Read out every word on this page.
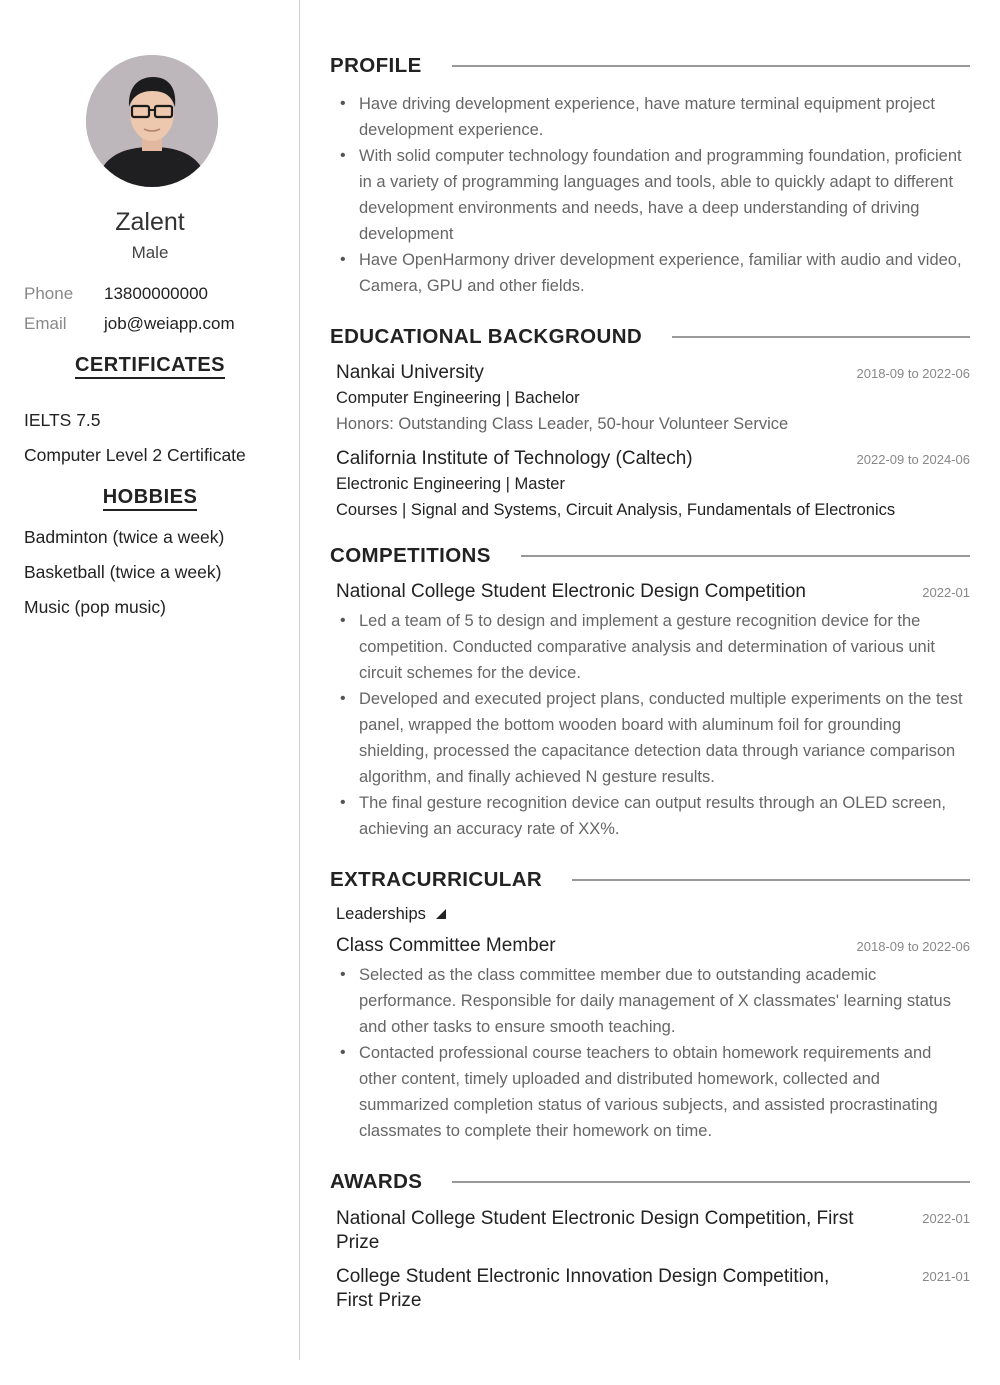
Zalent
Male
Phone 13800000000
Email job@weiapp.com
CERTIFICATES
IELTS 7.5
Computer Level 2 Certificate
HOBBIES
Badminton (twice a week)
Basketball (twice a week)
Music (pop music)
PROFILE
• Have driving development experience, have mature terminal equipment project development experience.
• With solid computer technology foundation and programming foundation, proficient in a variety of programming languages and tools, able to quickly adapt to different development environments and needs, have a deep understanding of driving development
• Have OpenHarmony driver development experience, familiar with audio and video, Camera, GPU and other fields.
EDUCATIONAL BACKGROUND
Nankai University	2018-09 to 2022-06
Computer Engineering | Bachelor
Honors: Outstanding Class Leader, 50-hour Volunteer Service
California Institute of Technology (Caltech)	2022-09 to 2024-06
Electronic Engineering | Master
Courses | Signal and Systems, Circuit Analysis, Fundamentals of Electronics
COMPETITIONS
National College Student Electronic Design Competition	2022-01
• Led a team of 5 to design and implement a gesture recognition device for the competition. Conducted comparative analysis and determination of various unit circuit schemes for the device.
• Developed and executed project plans, conducted multiple experiments on the test panel, wrapped the bottom wooden board with aluminum foil for grounding shielding, processed the capacitance detection data through variance comparison algorithm, and finally achieved N gesture results.
• The final gesture recognition device can output results through an OLED screen, achieving an accuracy rate of XX%.
EXTRACURRICULAR
Leaderships
Class Committee Member	2018-09 to 2022-06
• Selected as the class committee member due to outstanding academic performance. Responsible for daily management of X classmates' learning status and other tasks to ensure smooth teaching.
• Contacted professional course teachers to obtain homework requirements and other content, timely uploaded and distributed homework, collected and summarized completion status of various subjects, and assisted procrastinating classmates to complete their homework on time.
AWARDS
National College Student Electronic Design Competition, First Prize
2022-01
College Student Electronic Innovation Design Competition, First Prize
2021-01
